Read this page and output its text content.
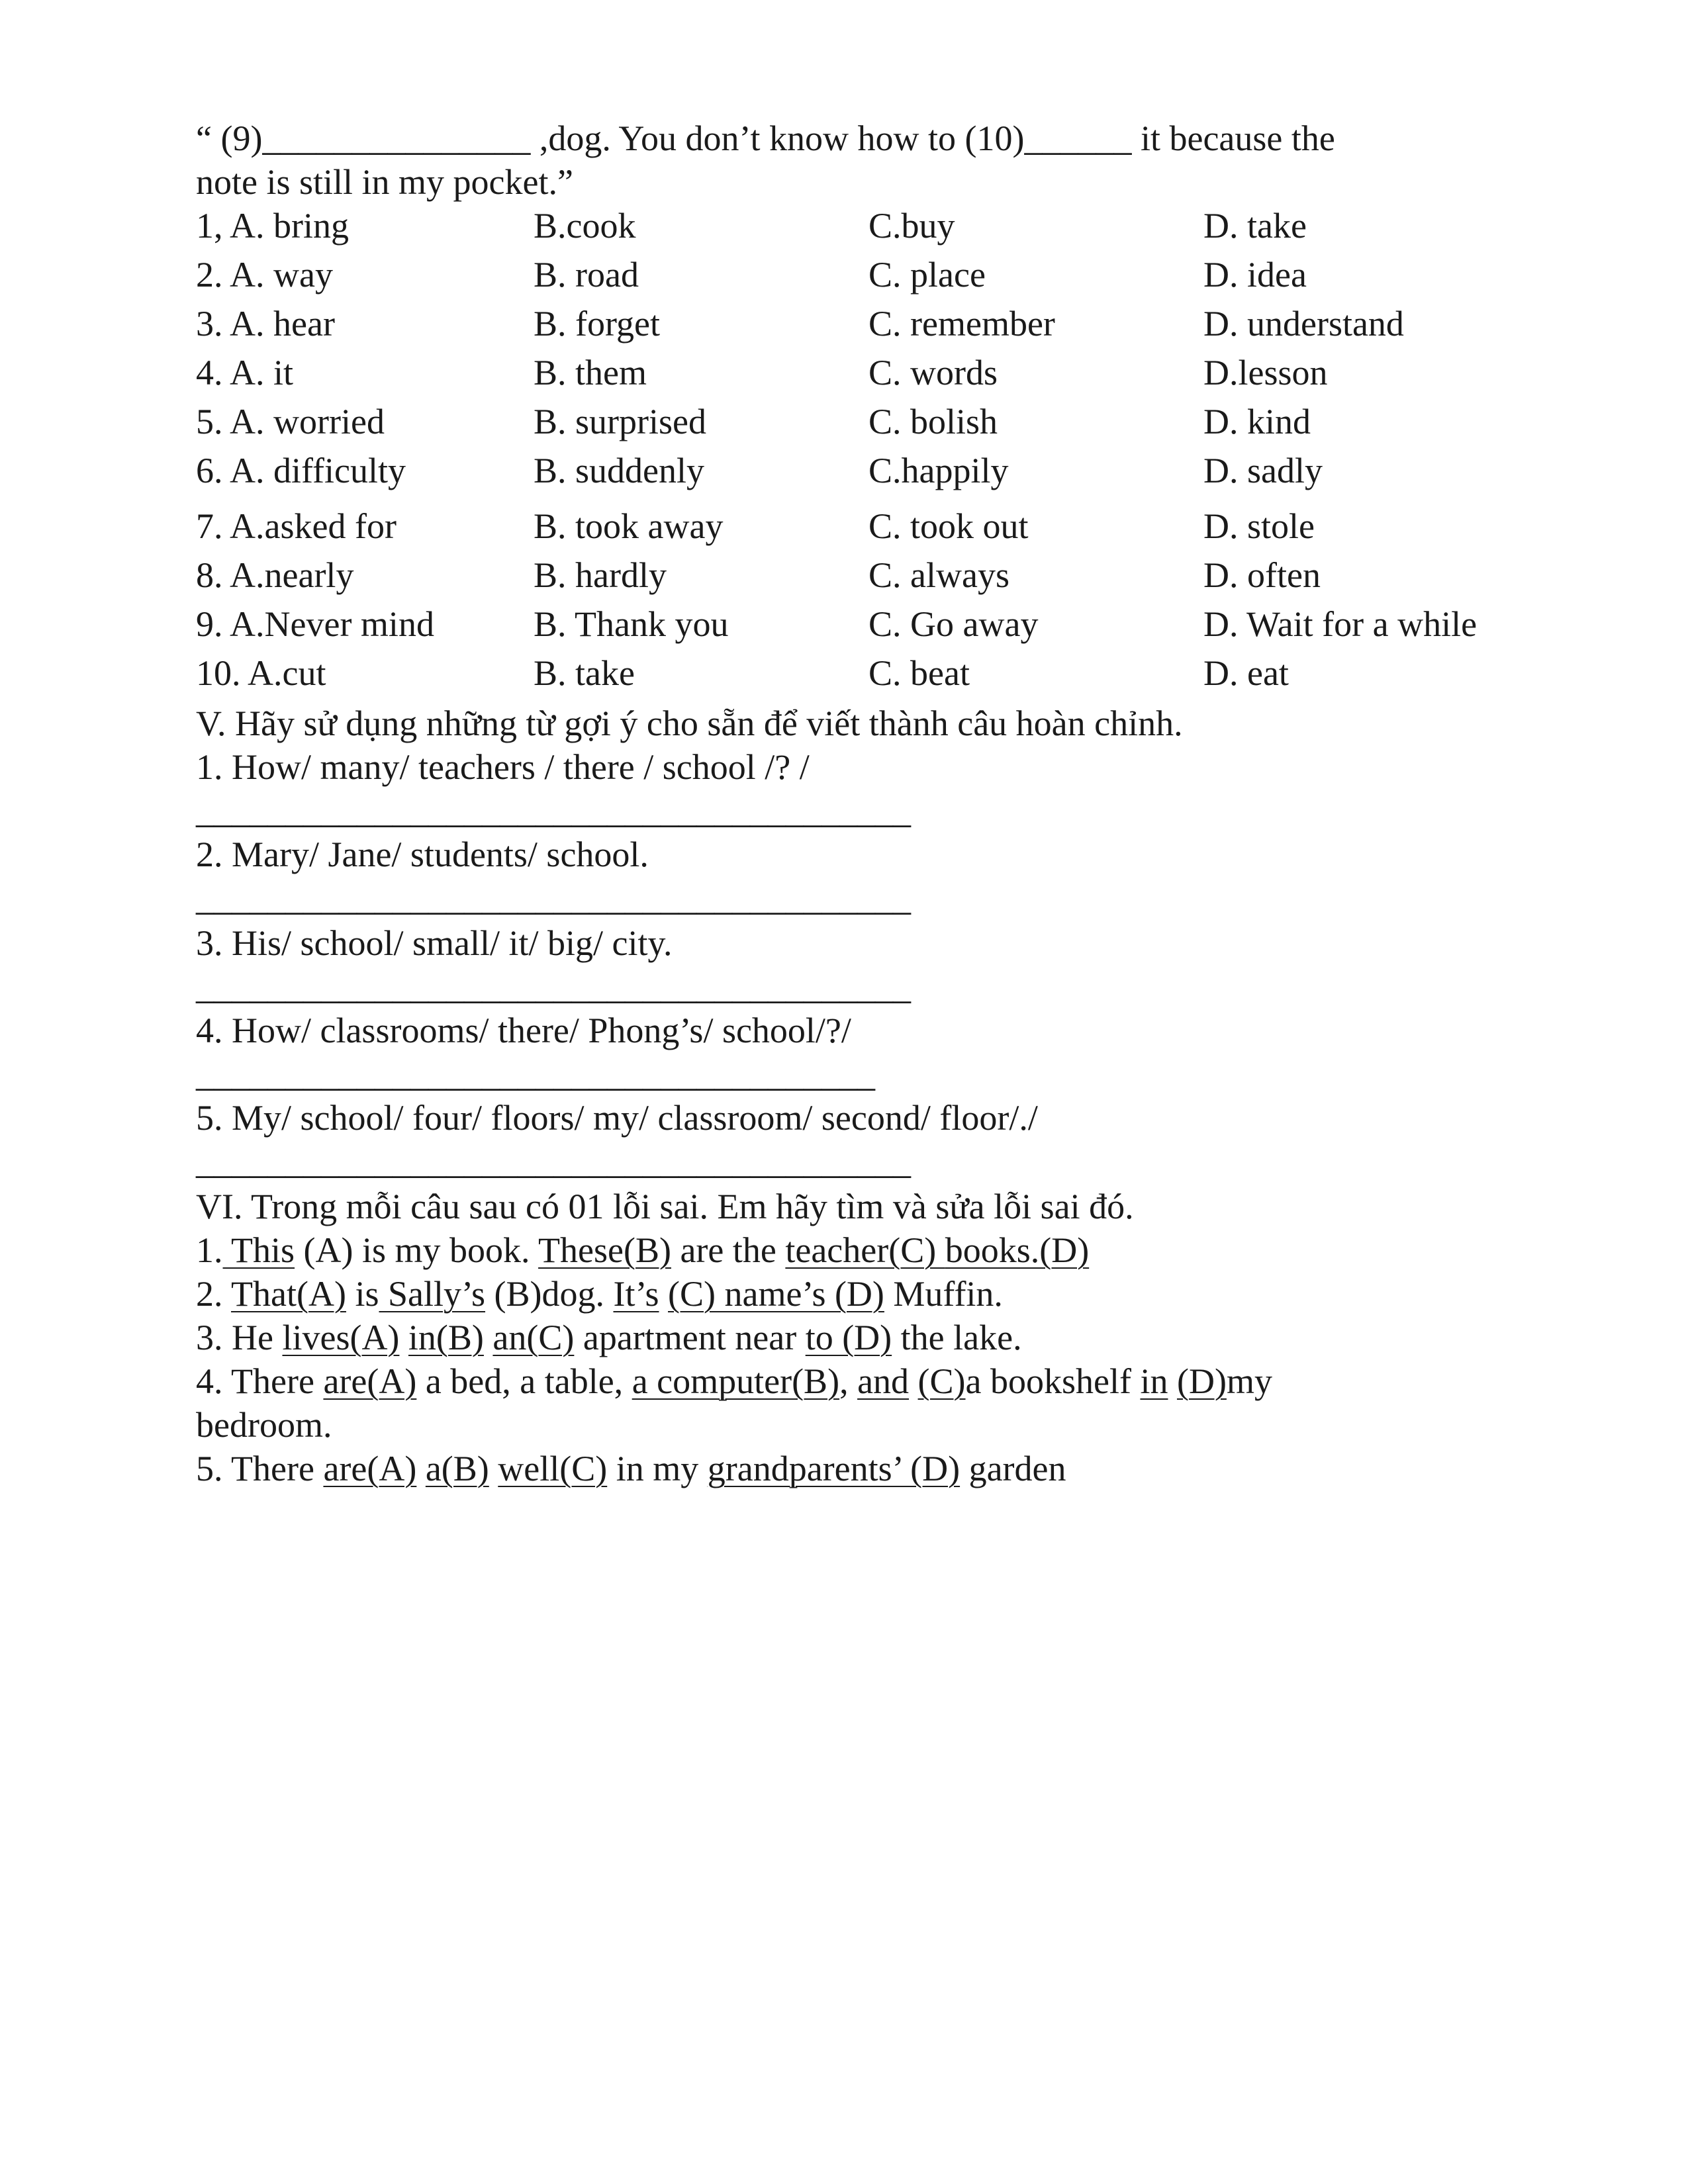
“ (9)_______________ ,dog. You don’t know how to (10)______ it because the
note is still in my pocket.”
1, A. bring	B.cook	C.buy	D. take
2. A. way	B. road	C. place	D. idea
3. A. hear	B. forget	C. remember	D. understand
4. A. it	B. them	C. words	D.lesson
5. A. worried	B. surprised	C. bolish	D. kind
6. A. difficulty	B. suddenly	C.happily	D. sadly
7. A.asked for	B. took away	C. took out	D. stole
8. A.nearly	B. hardly	C. always	D. often
9. A.Never mind	B. Thank you	C. Go away	D. Wait for a while
10. A.cut	B. take	C. beat	D. eat
V. Hãy sử dụng những từ gợi ý cho sẵn để viết thành câu hoàn chỉnh.
1. How/ many/ teachers / there / school /? /
________________________________________
2. Mary/ Jane/ students/ school.
________________________________________
3. His/ school/ small/ it/ big/ city.
________________________________________
4. How/ classrooms/ there/ Phong’s/ school/?/
______________________________________
5. My/ school/ four/ floors/ my/ classroom/ second/ floor/./
________________________________________
VI. Trong mỗi câu sau có 01 lỗi sai. Em hãy tìm và sửa lỗi sai đó.
1. This (A) is my book. These(B) are the teacher(C) books.(D)
2. That(A) is Sally’s (B)dog. It’s (C) name’s (D) Muffin.
3. He lives(A) in(B) an(C) apartment near to (D) the lake.
4. There are(A) a bed, a table, a computer(B), and (C)a bookshelf in (D)my
bedroom.
5. There are(A) a(B) well(C) in my grandparents’ (D) garden
